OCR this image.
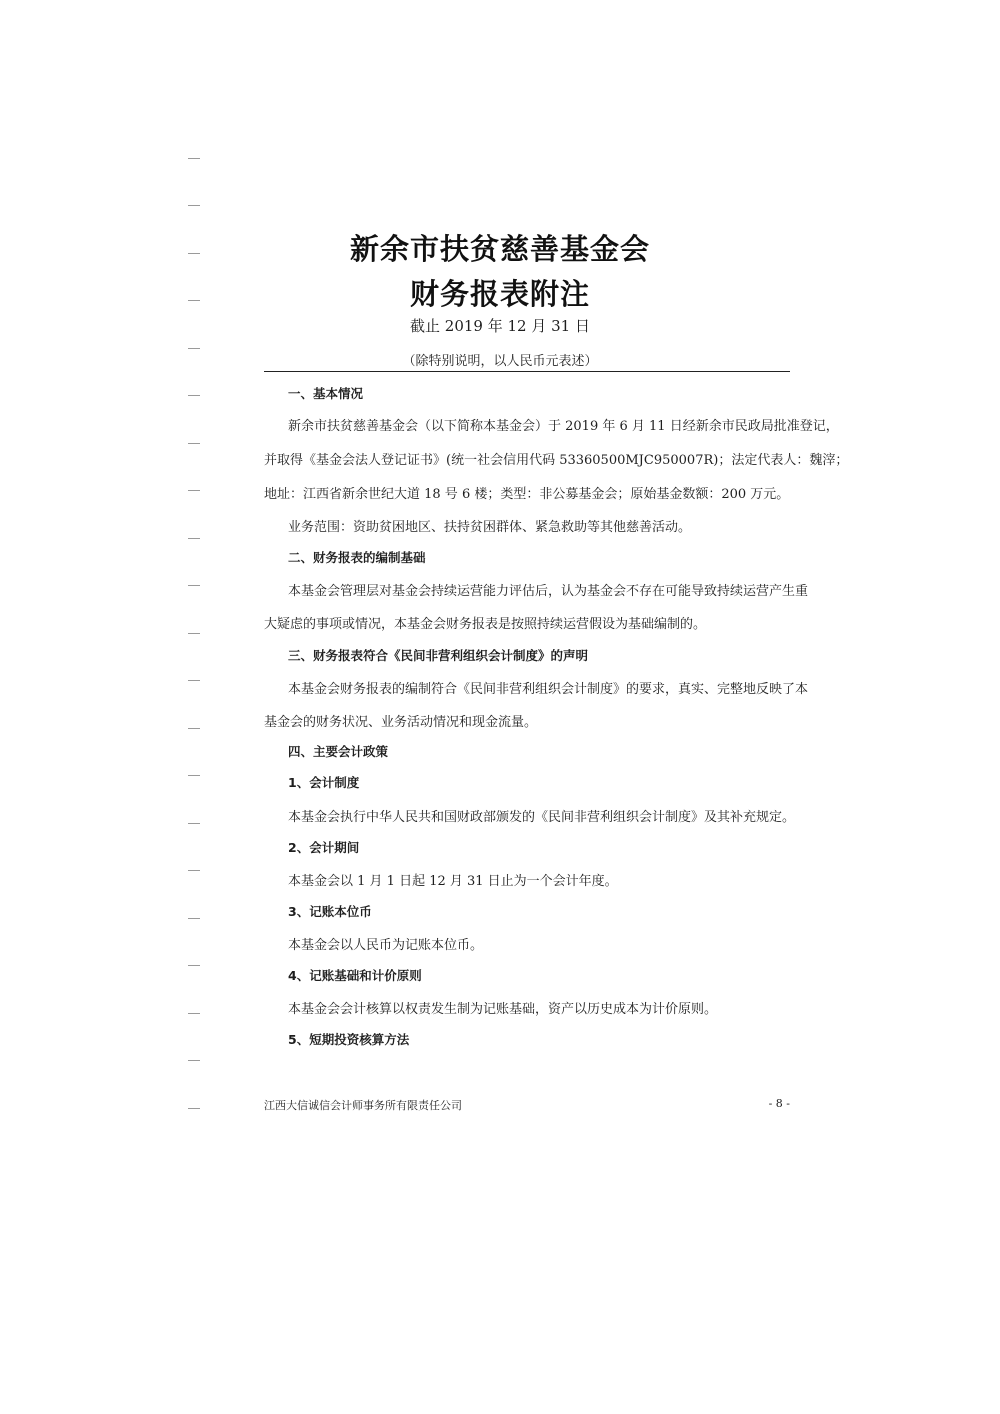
新余市扶贫慈善基金会
财务报表附注
截止 2019 年 12 月 31 日
（除特别说明，以人民币元表述）
一、基本情况
新余市扶贫慈善基金会（以下简称本基金会）于 2019 年 6 月 11 日经新余市民政局批准登记，
并取得《基金会法人登记证书》(统一社会信用代码 53360500MJC950007R)；法定代表人：魏滓；
地址：江西省新余世纪大道 18 号 6 楼；类型：非公募基金会；原始基金数额：200 万元。
业务范围：资助贫困地区、扶持贫困群体、紧急救助等其他慈善活动。
二、财务报表的编制基础
本基金会管理层对基金会持续运营能力评估后，认为基金会不存在可能导致持续运营产生重
大疑虑的事项或情况，本基金会财务报表是按照持续运营假设为基础编制的。
三、财务报表符合《民间非营利组织会计制度》的声明
本基金会财务报表的编制符合《民间非营利组织会计制度》的要求，真实、完整地反映了本
基金会的财务状况、业务活动情况和现金流量。
四、主要会计政策
1、会计制度
本基金会执行中华人民共和国财政部颁发的《民间非营利组织会计制度》及其补充规定。
2、会计期间
本基金会以 1 月 1 日起 12 月 31 日止为一个会计年度。
3、记账本位币
本基金会以人民币为记账本位币。
4、记账基础和计价原则
本基金会会计核算以权责发生制为记账基础，资产以历史成本为计价原则。
5、短期投资核算方法
江西大信诚信会计师事务所有限责任公司	- 8 -
